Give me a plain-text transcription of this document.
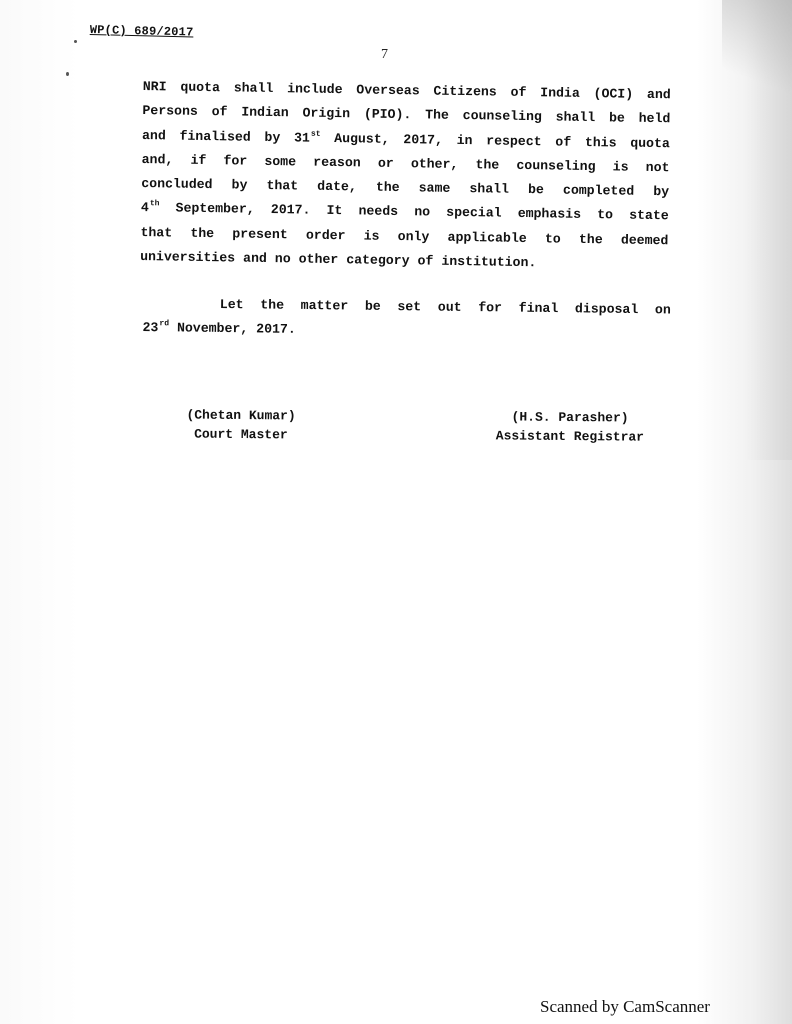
WP(C) 689/2017
7
NRI quota shall include Overseas Citizens of India (OCI) and
Persons of Indian Origin (PIO). The counseling shall be held
and finalised by 31st August, 2017, in respect of this quota
and, if for some reason or other, the counseling is not
concluded by that date, the same shall be completed by
4th September, 2017. It needs no special emphasis to state
that the present order is only applicable to the deemed
universities and no other category of institution.
Let the matter be set out for final disposal on
23rd November, 2017.
(Chetan Kumar)
Court Master
(H.S. Parasher)
Assistant Registrar
Scanned by CamScanner
